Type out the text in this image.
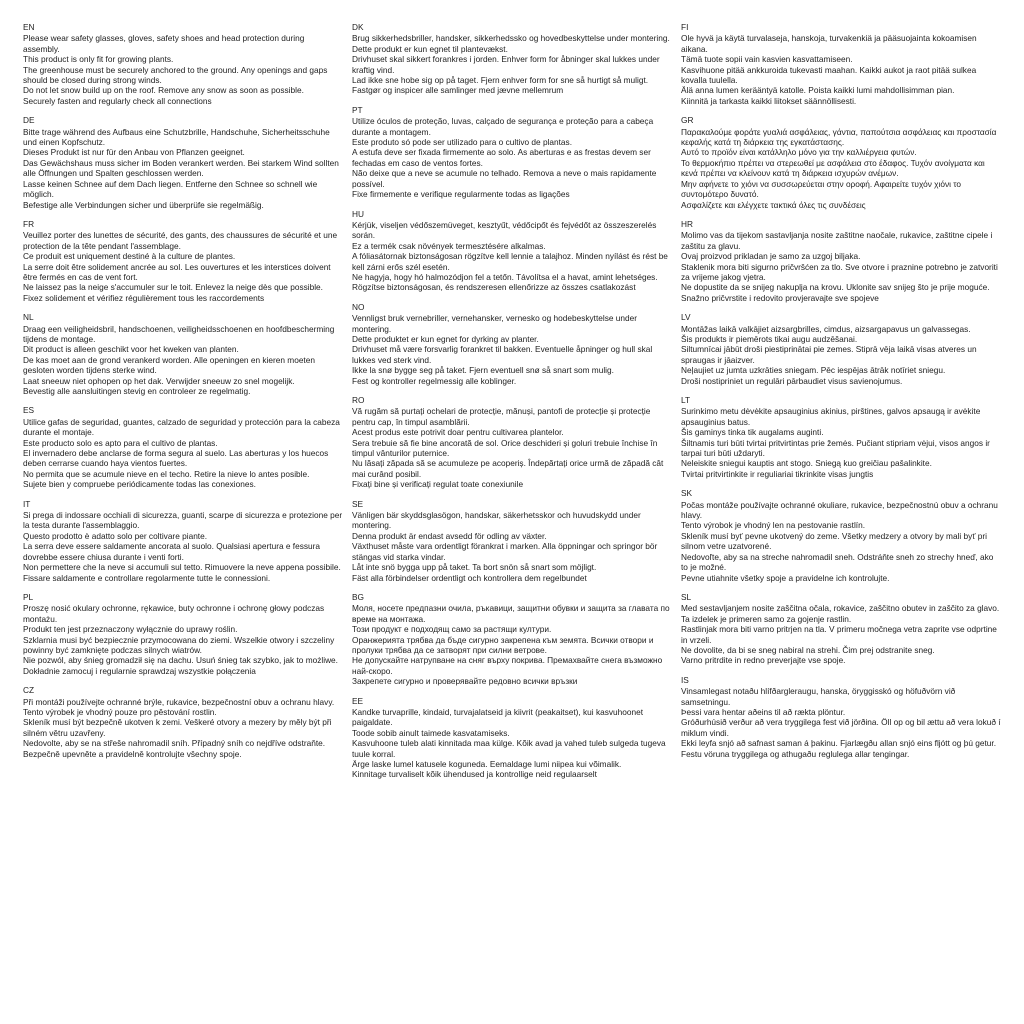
EN
Please wear safety glasses, gloves, safety shoes and head protection during assembly.
This product is only fit for growing plants.
The greenhouse must be securely anchored to the ground. Any openings and gaps should be closed during strong winds.
Do not let snow build up on the roof. Remove any snow as soon as possible.
Securely fasten and regularly check all connections
DE
Bitte trage während des Aufbaus eine Schutzbrille, Handschuhe, Sicherheitsschuhe und einen Kopfschutz.
Dieses Produkt ist nur für den Anbau von Pflanzen geeignet.
Das Gewächshaus muss sicher im Boden verankert werden. Bei starkem Wind sollten alle Öffnungen und Spalten geschlossen werden.
Lasse keinen Schnee auf dem Dach liegen. Entferne den Schnee so schnell wie möglich.
Befestige alle Verbindungen sicher und überprüfe sie regelmäßig.
FR
Veuillez porter des lunettes de sécurité, des gants, des chaussures de sécurité et une protection de la tête pendant l'assemblage.
Ce produit est uniquement destiné à la culture de plantes.
La serre doit être solidement ancrée au sol. Les ouvertures et les interstices doivent être fermés en cas de vent fort.
Ne laissez pas la neige s'accumuler sur le toit. Enlevez la neige dès que possible.
Fixez solidement et vérifiez régulièrement tous les raccordements
NL
Draag een veiligheidsbril, handschoenen, veiligheidsschoenen en hoofdbescherming tijdens de montage.
Dit product is alleen geschikt voor het kweken van planten.
De kas moet aan de grond verankerd worden. Alle openingen en kieren moeten gesloten worden tijdens sterke wind.
Laat sneeuw niet ophopen op het dak. Verwijder sneeuw zo snel mogelijk.
Bevestig alle aansluitingen stevig en controleer ze regelmatig.
ES
Utilice gafas de seguridad, guantes, calzado de seguridad y protección para la cabeza durante el montaje.
Este producto solo es apto para el cultivo de plantas.
El invernadero debe anclarse de forma segura al suelo. Las aberturas y los huecos deben cerrarse cuando haya vientos fuertes.
No permita que se acumule nieve en el techo. Retire la nieve lo antes posible.
Sujete bien y compruebe periódicamente todas las conexiones.
IT
Si prega di indossare occhiali di sicurezza, guanti, scarpe di sicurezza e protezione per la testa durante l'assemblaggio.
Questo prodotto è adatto solo per coltivare piante.
La serra deve essere saldamente ancorata al suolo. Qualsiasi apertura e fessura dovrebbe essere chiusa durante i venti forti.
Non permettere che la neve si accumuli sul tetto. Rimuovere la neve appena possibile.
Fissare saldamente e controllare regolarmente tutte le connessioni.
PL
Proszę nosić okulary ochronne, rękawice, buty ochronne i ochronę głowy podczas montażu.
Produkt ten jest przeznaczony wyłącznie do uprawy roślin.
Szklarnia musi być bezpiecznie przymocowana do ziemi. Wszelkie otwory i szczeliny powinny być zamknięte podczas silnych wiatrów.
Nie pozwól, aby śnieg gromadził się na dachu. Usuń śnieg tak szybko, jak to możliwe.
Dokładnie zamocuj i regularnie sprawdzaj wszystkie połączenia
CZ
Při montáži používejte ochranné brýle, rukavice, bezpečnostní obuv a ochranu hlavy.
Tento výrobek je vhodný pouze pro pěstování rostlin.
Skleník musí být bezpečně ukotven k zemi. Veškeré otvory a mezery by měly být při silném větru uzavřeny.
Nedovolte, aby se na střeše nahromadil sníh. Případný sníh co nejdříve odstraňte.
Bezpečně upevněte a pravidelně kontrolujte všechny spoje.
DK
Brug sikkerhedsbriller, handsker, sikkerhedssko og hovedbeskyttelse under montering.
Dette produkt er kun egnet til plantevækst.
Drivhuset skal sikkert forankres i jorden. Enhver form for åbninger skal lukkes under kraftig vind.
Lad ikke sne hobe sig op på taget. Fjern enhver form for sne så hurtigt så muligt.
Fastgør og inspicer alle samlinger med jævne mellemrum
PT
Utilize óculos de proteção, luvas, calçado de segurança e proteção para a cabeça durante a montagem.
Este produto só pode ser utilizado para o cultivo de plantas.
A estufa deve ser fixada firmemente ao solo. As aberturas e as frestas devem ser fechadas em caso de ventos fortes.
Não deixe que a neve se acumule no telhado. Remova a neve o mais rapidamente possível.
Fixe firmemente e verifique regularmente todas as ligações
HU
Kérjük, viseljen védőszemüveget, kesztyűt, védőcipőt és fejvédőt az összeszerelés során.
Ez a termék csak növények termesztésére alkalmas.
A fóliasátornak biztonságosan rögzítve kell lennie a talajhoz. Minden nyílást és rést be kell zárni erős szél esetén.
Ne hagyja, hogy hó halmozódjon fel a tetőn. Távolítsa el a havat, amint lehetséges.
Rögzítse biztonságosan, és rendszeresen ellenőrizze az összes csatlakozást
NO
Vennligst bruk vernebriller, vernehansker, vernesko og hodebeskyttelse under montering.
Dette produktet er kun egnet for dyrking av planter.
Drivhuset må være forsvarlig forankret til bakken. Eventuelle åpninger og hull skal lukkes ved sterk vind.
Ikke la snø bygge seg på taket. Fjern eventuell snø så snart som mulig.
Fest og kontroller regelmessig alle koblinger.
RO
Vă rugăm să purtați ochelari de protecție, mănuși, pantofi de protecție și protecție pentru cap, în timpul asamblării.
Acest produs este potrivit doar pentru cultivarea plantelor.
Sera trebuie să fie bine ancorată de sol. Orice deschideri și goluri trebuie închise în timpul vânturilor puternice.
Nu lăsați zăpada să se acumuleze pe acoperiș. Îndepărtați orice urmă de zăpadă cât mai curând posibil.
Fixați bine și verificați regulat toate conexiunile
SE
Vänligen bär skyddsglasögon, handskar, säkerhetsskor och huvudskydd under montering.
Denna produkt är endast avsedd för odling av växter.
Växthuset måste vara ordentligt förankrat i marken. Alla öppningar och springor bör stängas vid starka vindar.
Låt inte snö bygga upp på taket. Ta bort snön så snart som möjligt.
Fäst alla förbindelser ordentligt och kontrollera dem regelbundet
BG
Моля, носете предпазни очила, ръкавици, защитни обувки и защита за главата по време на монтажа.
Този продукт е подходящ само за растящи култури.
Оранжерията трябва да бъде сигурно закрепена към земята. Всички отвори и пролуки трябва да се затворят при силни ветрове.
Не допускайте натрупване на сняг върху покрива. Премахвайте снега възможно най-скоро.
Закрепете сигурно и проверявайте редовно всички връзки
EE
Kandke turvaprille, kindaid, turvajalatseid ja kiivrit (peakaitset), kui kasvuhoonet paigaldate.
Toode sobib ainult taimede kasvatamiseks.
Kasvuhoone tuleb alati kinnitada maa külge. Kõik avad ja vahed tuleb sulgeda tugeva tuule korral.
Ärge laske lumel katusele koguneda. Eemaldage lumi niipea kui võimalik.
Kinnitage turvaliselt kõik ühendused ja kontrollige neid regulaarselt
FI
Ole hyvä ja käytä turvalaseja, hanskoja, turvakenkiä ja pääsuojainta kokoamisen aikana.
Tämä tuote sopii vain kasvien kasvattamiseen.
Kasvihuone pitää ankkuroida tukevasti maahan. Kaikki aukot ja raot pitää sulkea kovalla tuulella.
Älä anna lumen kerääntyä katolle. Poista kaikki lumi mahdollisimman pian.
Kiinnitä ja tarkasta kaikki liitokset säännöllisesti.
GR
Παρακαλούμε φοράτε γυαλιά ασφάλειας, γάντια, παπούτσια ασφάλειας και προστασία κεφαλής κατά τη διάρκεια της εγκατάστασης.
Αυτό το προϊόν είναι κατάλληλο μόνο για την καλλιέργεια φυτών.
Το θερμοκήπιο πρέπει να στερεωθεί με ασφάλεια στο έδαφος. Τυχόν ανοίγματα και κενά πρέπει να κλείνουν κατά τη διάρκεια ισχυρών ανέμων.
Μην αφήνετε το χιόνι να συσσωρεύεται στην οροφή. Αφαιρείτε τυχόν χιόνι το συντομότερο δυνατό.
Ασφαλίζετε και ελέγχετε τακτικά όλες τις συνδέσεις
HR
Molimo vas da tijekom sastavljanja nosite zaštitne naočale, rukavice, zaštitne cipele i zaštitu za glavu.
Ovaj proizvod prikladan je samo za uzgoj biljaka.
Staklenik mora biti sigurno pričvršćen za tlo. Sve otvore i praznine potrebno je zatvoriti za vrijeme jakog vjetra.
Ne dopustite da se snijeg nakuplja na krovu. Uklonite sav snijeg što je prije moguće.
Snažno pričvrstite i redovito provjeravajte sve spojeve
LV
Montāžas laikā valkājiet aizsargbrilles, cimdus, aizsargapavus un galvassegas.
Šis produkts ir piemērots tikai augu audzēšanai.
Siltumnīcai jābūt droši piestiprinātai pie zemes. Stiprā vēja laikā visas atveres un spraugas ir jāaizver.
Neļaujiet uz jumta uzkrāties sniegam. Pēc iespējas ātrāk notīriet sniegu.
Droši nostipriniet un regulāri pārbaudiet visus savienojumus.
LT
Surinkimo metu dėvėkite apsauginius akinius, pirštines, galvos apsaugą ir avėkite apsauginius batus.
Šis gaminys tinka tik augalams auginti.
Šiltnamis turi būti tvirtai pritvirtintas prie žemės. Pučiant stipriam vėjui, visos angos ir tarpai turi būti uždaryti.
Neleiskite sniegui kauptis ant stogo. Sniegą kuo greičiau pašalinkite.
Tvirtai pritvirtinkite ir reguliariai tikrinkite visas jungtis
SK
Počas montáže používajte ochranné okuliare, rukavice, bezpečnostnú obuv a ochranu hlavy.
Tento výrobok je vhodný len na pestovanie rastlín.
Skleník musí byť pevne ukotvený do zeme. Všetky medzery a otvory by mali byť pri silnom vetre uzatvorené.
Nedovoľte, aby sa na streche nahromadil sneh. Odstráňte sneh zo strechy hneď, ako to je možné.
Pevne utiahnite všetky spoje a pravidelne ich kontrolujte.
SL
Med sestavljanjem nosite zaščitna očala, rokavice, zaščitno obutev in zaščito za glavo.
Ta izdelek je primeren samo za gojenje rastlin.
Rastlinjak mora biti varno pritrjen na tla. V primeru močnega vetra zaprite vse odprtine in vrzeli.
Ne dovolite, da bi se sneg nabiral na strehi. Čim prej odstranite sneg.
Varno pritrdite in redno preverjajte vse spoje.
IS
Vinsamlegast notaðu hlífðargleraugu, hanska, öryggisskó og höfuðvörn við samsetningu.
Þessi vara hentar aðeins til að rækta plöntur.
Gróðurhúsið verður að vera tryggilega fest við jörðina. Öll op og bil ættu að vera lokuð í miklum vindi.
Ekki leyfa snjó að safnast saman á þakinu. Fjarlægðu allan snjó eins fljótt og þú getur.
Festu vöruna tryggilega og athugaðu reglulega allar tengingar.
